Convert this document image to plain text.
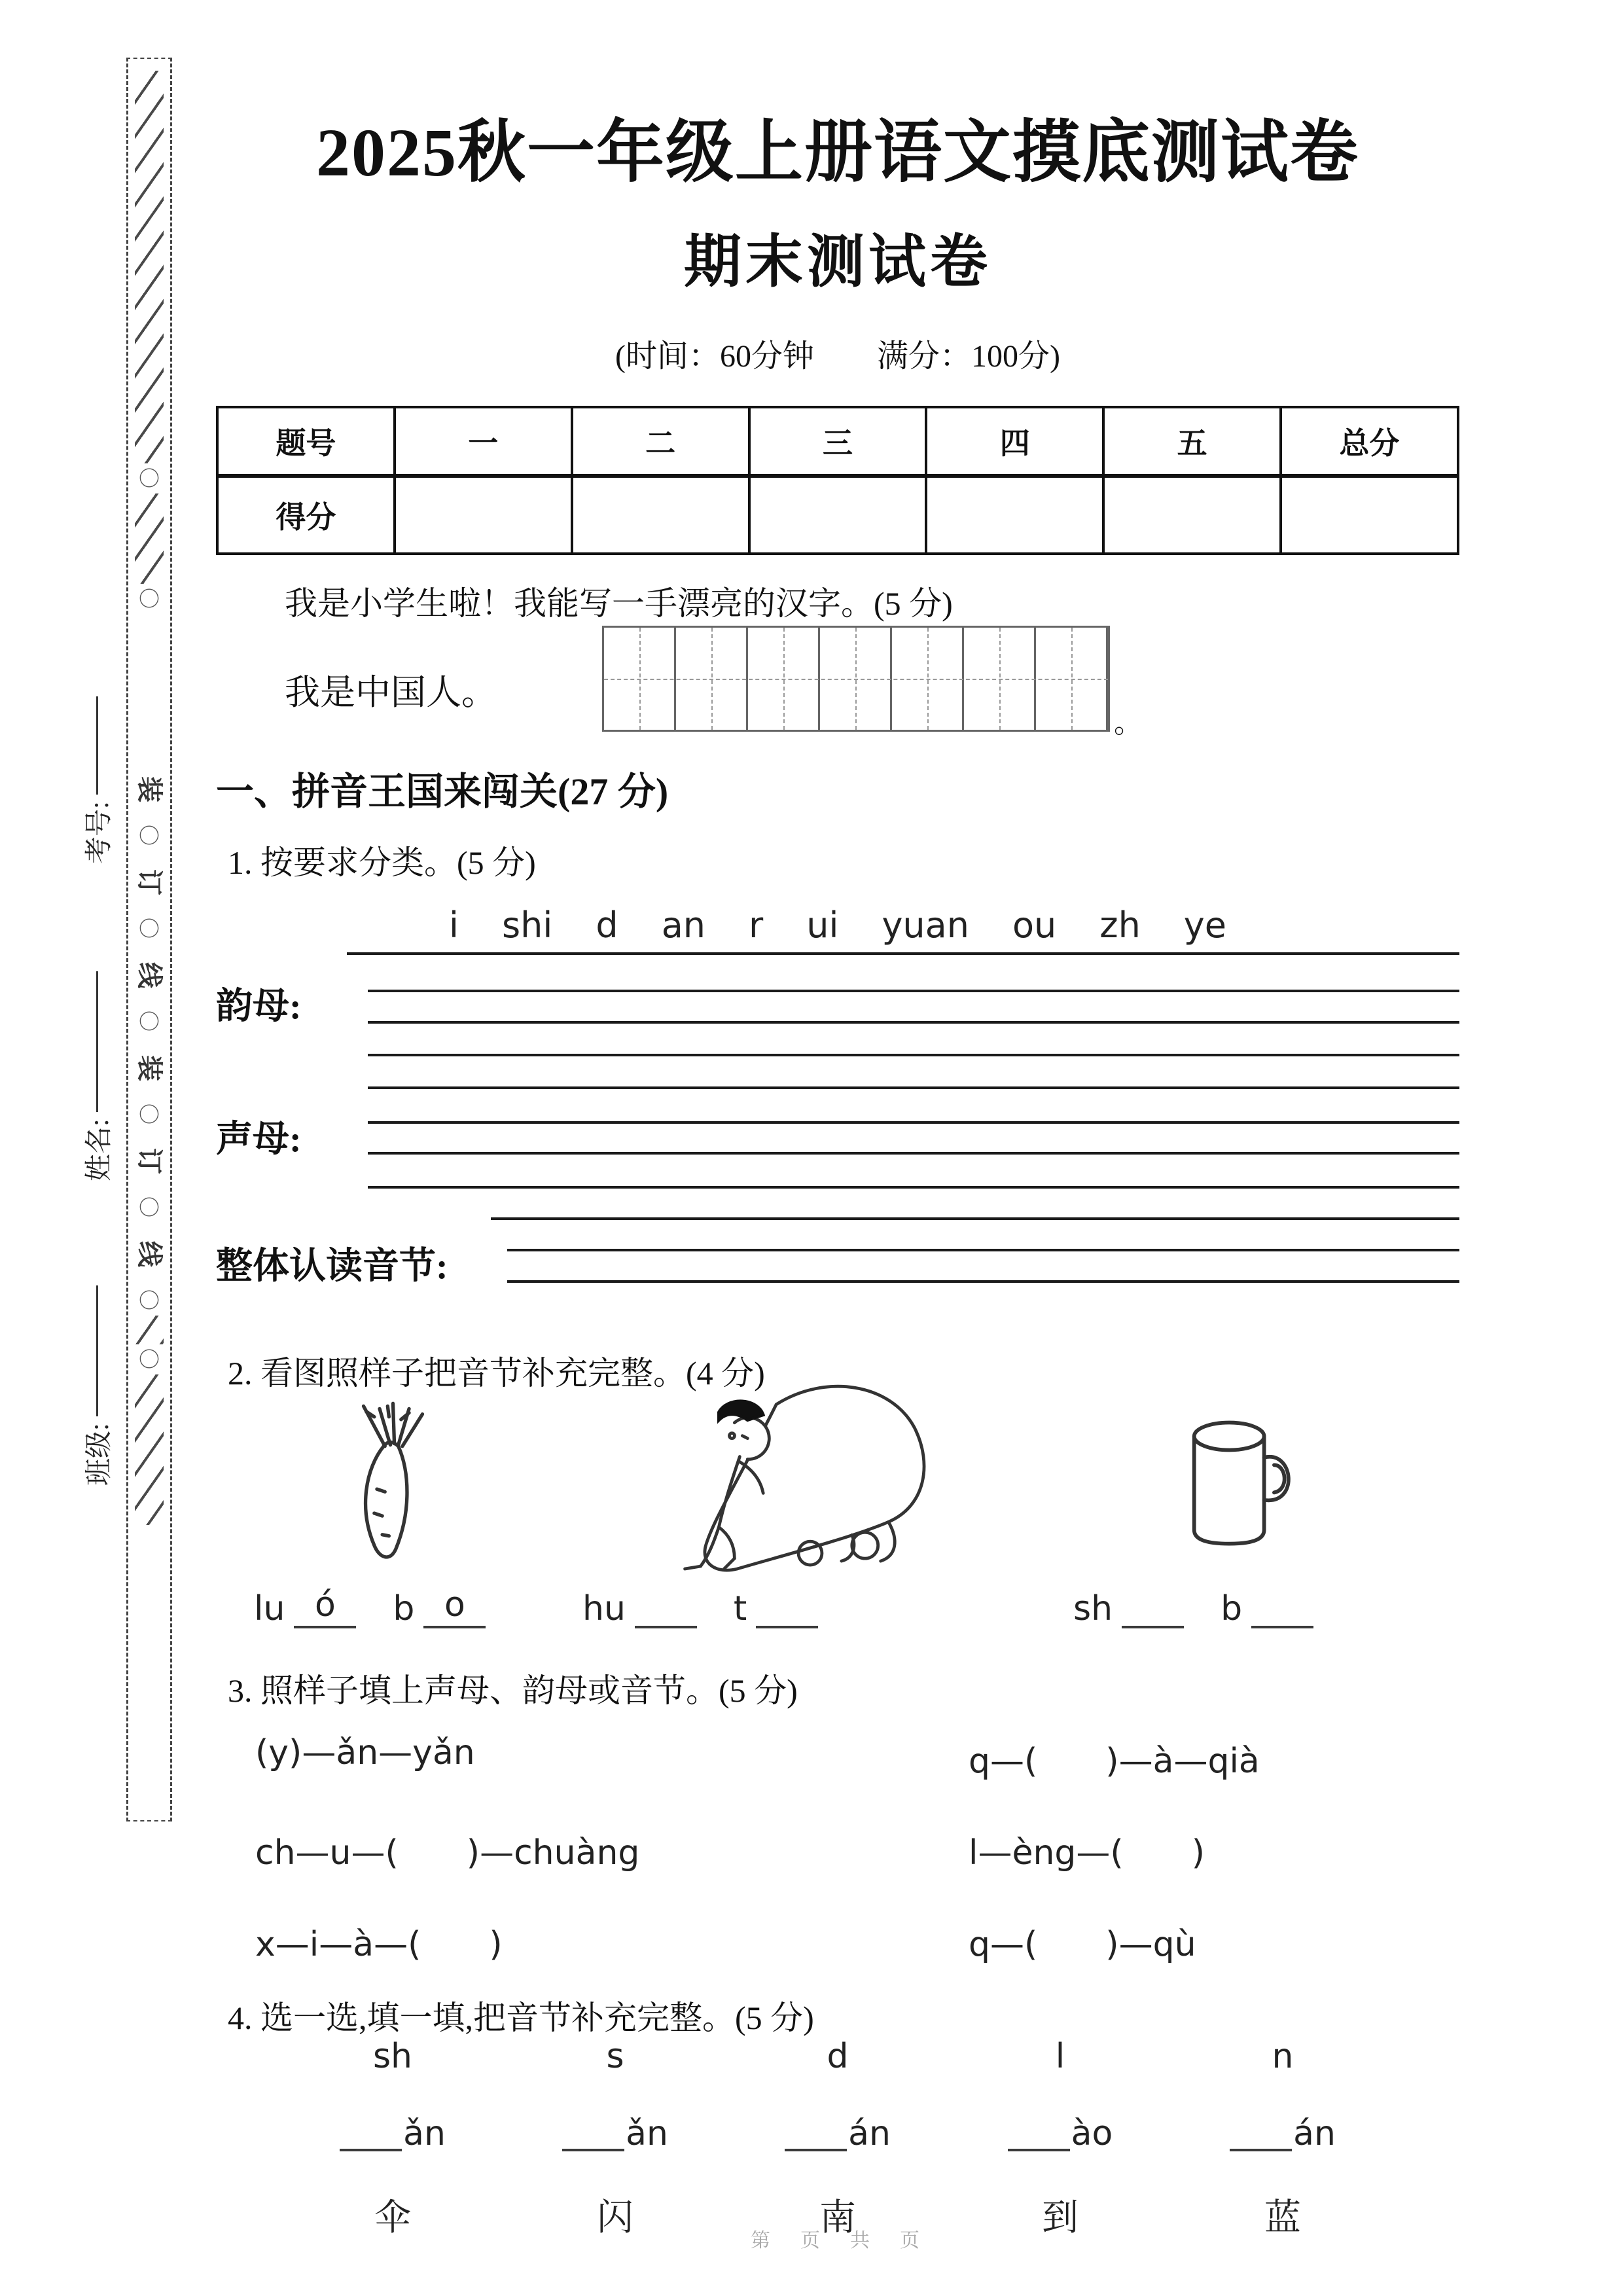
〇
〇
装
〇
订
〇
线
〇
装
〇
订
〇
线
〇
〇
考号:
姓名:
班级:
2025秋一年级上册语文摸底测试卷
期末测试卷
(时间：60分钟　　满分：100分)
题号	一	二	三	四	五	总分
得分						
我是小学生啦！我能写一手漂亮的汉字。(5 分)
我是中国人。
。
一、拼音王国来闯关(27 分)
1. 按要求分类。(5 分)
i shi d an r ui yuan ou zh ye
韵母:
声母:
整体认读音节:
2. 看图照样子把音节补充完整。(4 分)
lu ó	b o	hu	t	sh	b
3. 照样子填上声母、韵母或音节。(5 分)
(y)—ǎn—yǎn	q—(　　)—à—qià
ch—u—(　　)—chuàng	l—èng—(　　)
x—i—à—(　　)	q—(　　)—qù
4. 选一选,填一填,把音节补充完整。(5 分)
sh	s	d	l	n
ǎn	ǎn	án	ào	án
伞	闪	南	到	蓝
第　页　共　页
